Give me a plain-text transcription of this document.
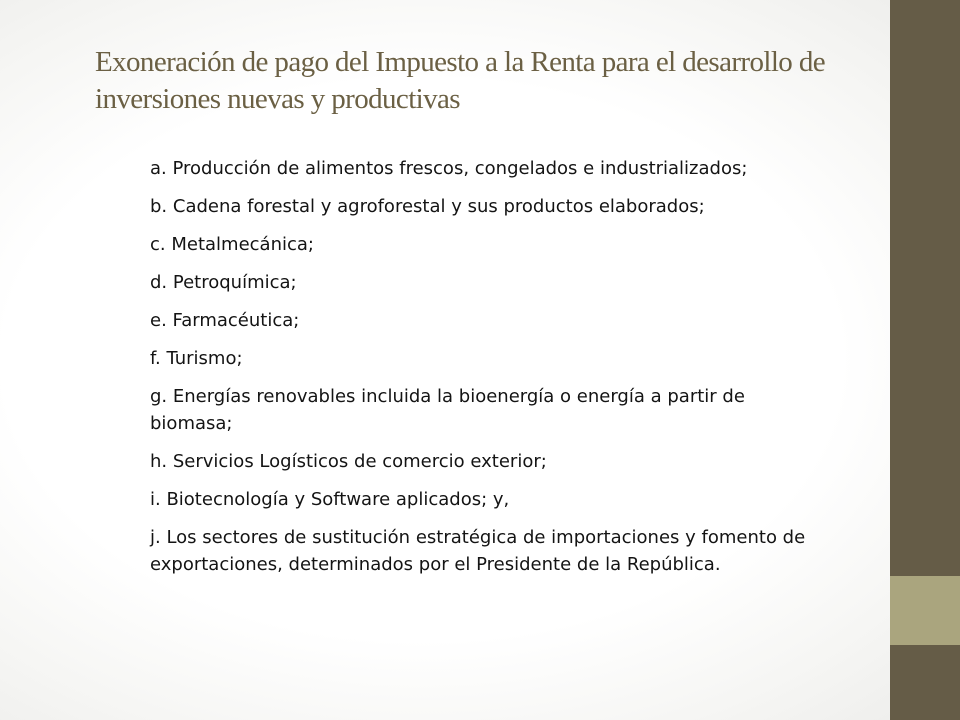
Exoneración de pago del Impuesto a la Renta para el desarrollo de inversiones nuevas y productivas
a. Producción de alimentos frescos, congelados e industrializados;
b. Cadena forestal y agroforestal y sus productos elaborados;
c. Metalmecánica;
d. Petroquímica;
e. Farmacéutica;
f. Turismo;
g. Energías renovables incluida la bioenergía o energía a partir de biomasa;
h. Servicios Logísticos de comercio exterior;
i. Biotecnología y Software aplicados; y,
j. Los sectores de sustitución estratégica de importaciones y fomento de exportaciones, determinados por el Presidente de la República.
